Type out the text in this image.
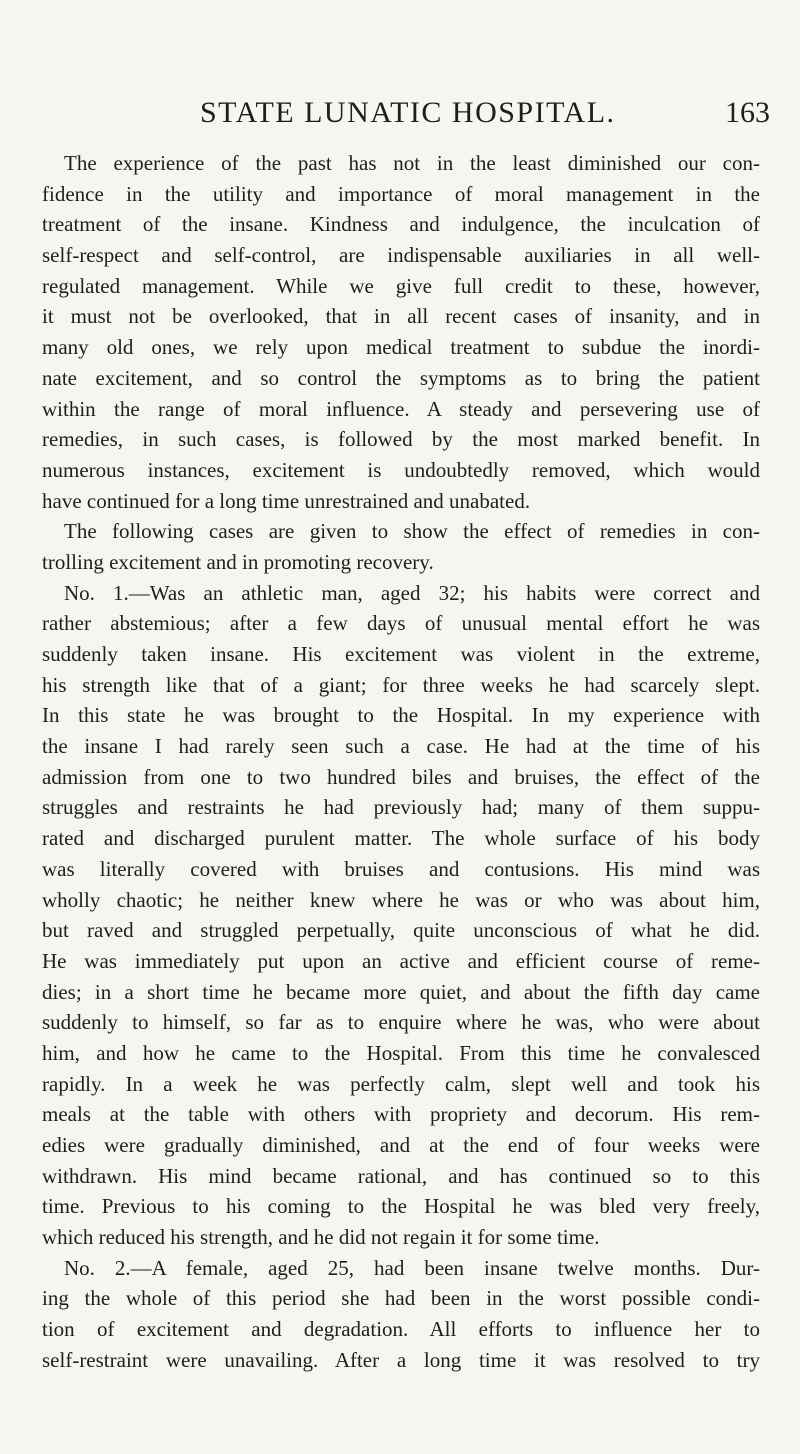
STATE LUNATIC HOSPITAL.	163
The experience of the past has not in the least diminished our con-
fidence in the utility and importance of moral management in the
treatment of the insane. Kindness and indulgence, the inculcation of
self-respect and self-control, are indispensable auxiliaries in all well-
regulated management. While we give full credit to these, however,
it must not be overlooked, that in all recent cases of insanity, and in
many old ones, we rely upon medical treatment to subdue the inordi-
nate excitement, and so control the symptoms as to bring the patient
within the range of moral influence. A steady and persevering use of
remedies, in such cases, is followed by the most marked benefit. In
numerous instances, excitement is undoubtedly removed, which would
have continued for a long time unrestrained and unabated.
The following cases are given to show the effect of remedies in con-
trolling excitement and in promoting recovery.
No. 1.—Was an athletic man, aged 32; his habits were correct and
rather abstemious; after a few days of unusual mental effort he was
suddenly taken insane. His excitement was violent in the extreme,
his strength like that of a giant; for three weeks he had scarcely slept.
In this state he was brought to the Hospital. In my experience with
the insane I had rarely seen such a case. He had at the time of his
admission from one to two hundred biles and bruises, the effect of the
struggles and restraints he had previously had; many of them suppu-
rated and discharged purulent matter. The whole surface of his body
was literally covered with bruises and contusions. His mind was
wholly chaotic; he neither knew where he was or who was about him,
but raved and struggled perpetually, quite unconscious of what he did.
He was immediately put upon an active and efficient course of reme-
dies; in a short time he became more quiet, and about the fifth day came
suddenly to himself, so far as to enquire where he was, who were about
him, and how he came to the Hospital. From this time he convalesced
rapidly. In a week he was perfectly calm, slept well and took his
meals at the table with others with propriety and decorum. His rem-
edies were gradually diminished, and at the end of four weeks were
withdrawn. His mind became rational, and has continued so to this
time. Previous to his coming to the Hospital he was bled very freely,
which reduced his strength, and he did not regain it for some time.
No. 2.—A female, aged 25, had been insane twelve months. Dur-
ing the whole of this period she had been in the worst possible condi-
tion of excitement and degradation. All efforts to influence her to
self-restraint were unavailing. After a long time it was resolved to try
